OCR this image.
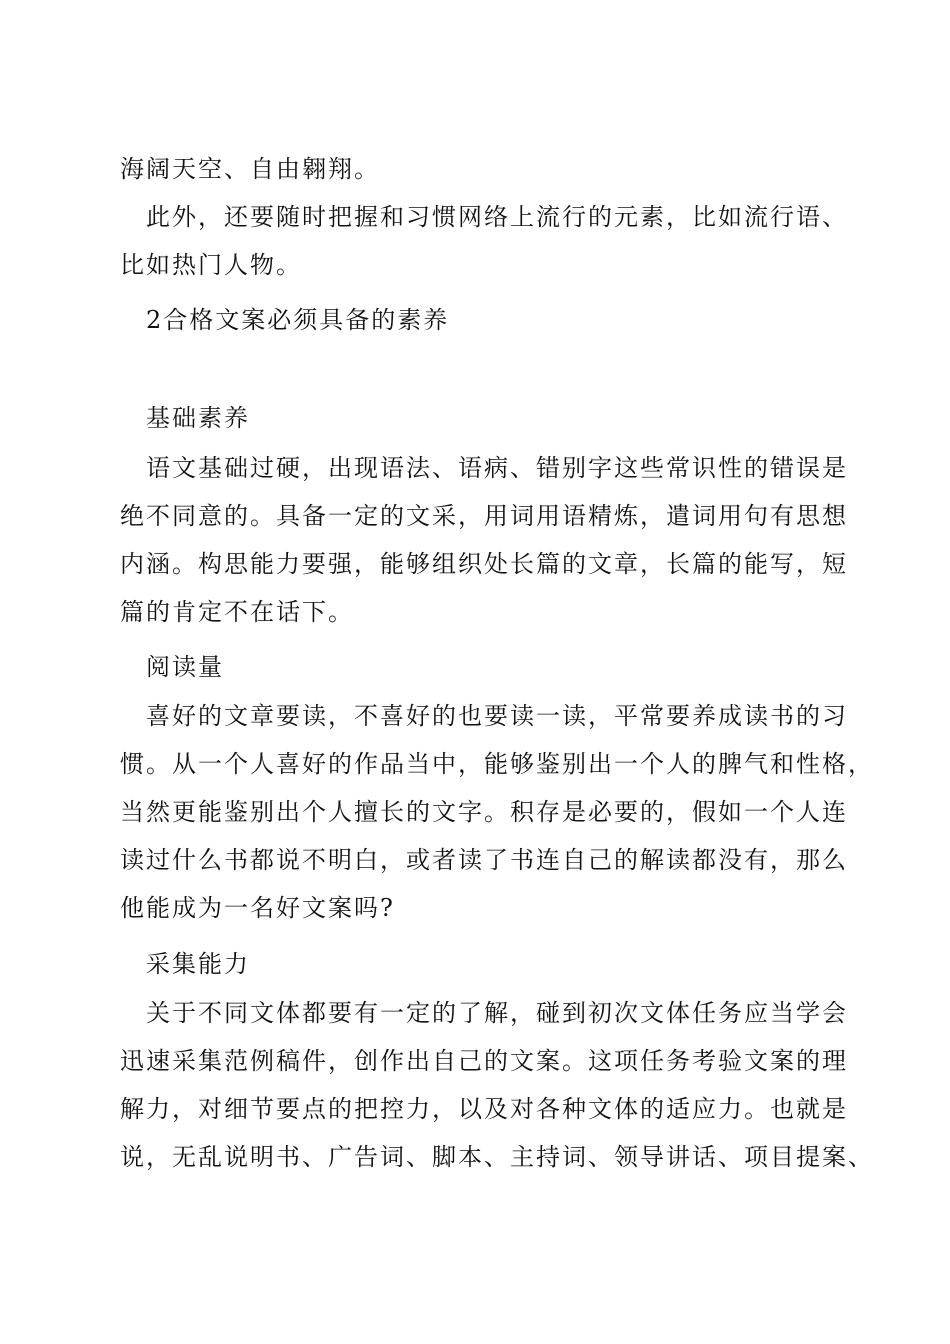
海阔天空、自由翱翔。
此外，还要随时把握和习惯网络上流行的元素，比如流行语、
比如热门人物。
2合格文案必须具备的素养
基础素养
语文基础过硬，出现语法、语病、错别字这些常识性的错误是
绝不同意的。具备一定的文采，用词用语精炼，遣词用句有思想
内涵。构思能力要强，能够组织处长篇的文章，长篇的能写，短
篇的肯定不在话下。
阅读量
喜好的文章要读，不喜好的也要读一读，平常要养成读书的习
惯。从一个人喜好的作品当中，能够鉴别出一个人的脾气和性格，
当然更能鉴别出个人擅长的文字。积存是必要的，假如一个人连
读过什么书都说不明白，或者读了书连自己的解读都没有，那么
他能成为一名好文案吗?
采集能力
关于不同文体都要有一定的了解，碰到初次文体任务应当学会
迅速采集范例稿件，创作出自己的文案。这项任务考验文案的理
解力，对细节要点的把控力，以及对各种文体的适应力。也就是
说，无乱说明书、广告词、脚本、主持词、领导讲话、项目提案、
